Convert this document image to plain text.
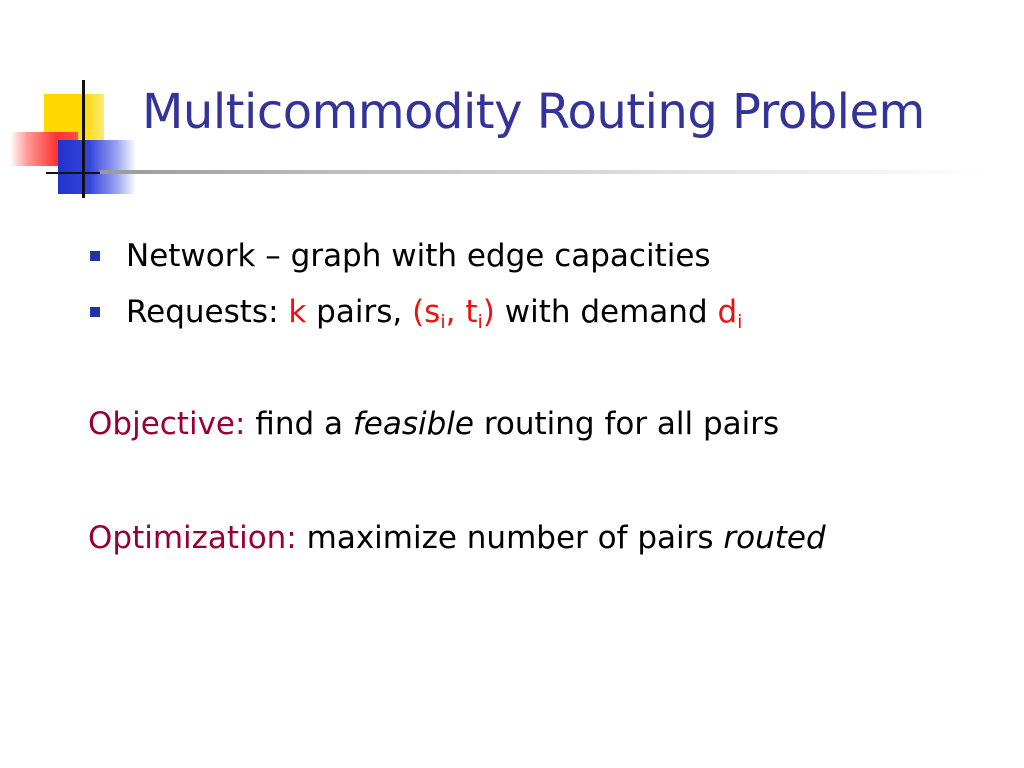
Multicommodity Routing Problem
Network – graph with edge capacities
Requests: k pairs, ($s_i$, $t_i$) with demand $d_i$

Objective: find a feasible routing for all pairs

Optimization: maximize number of pairs routed
